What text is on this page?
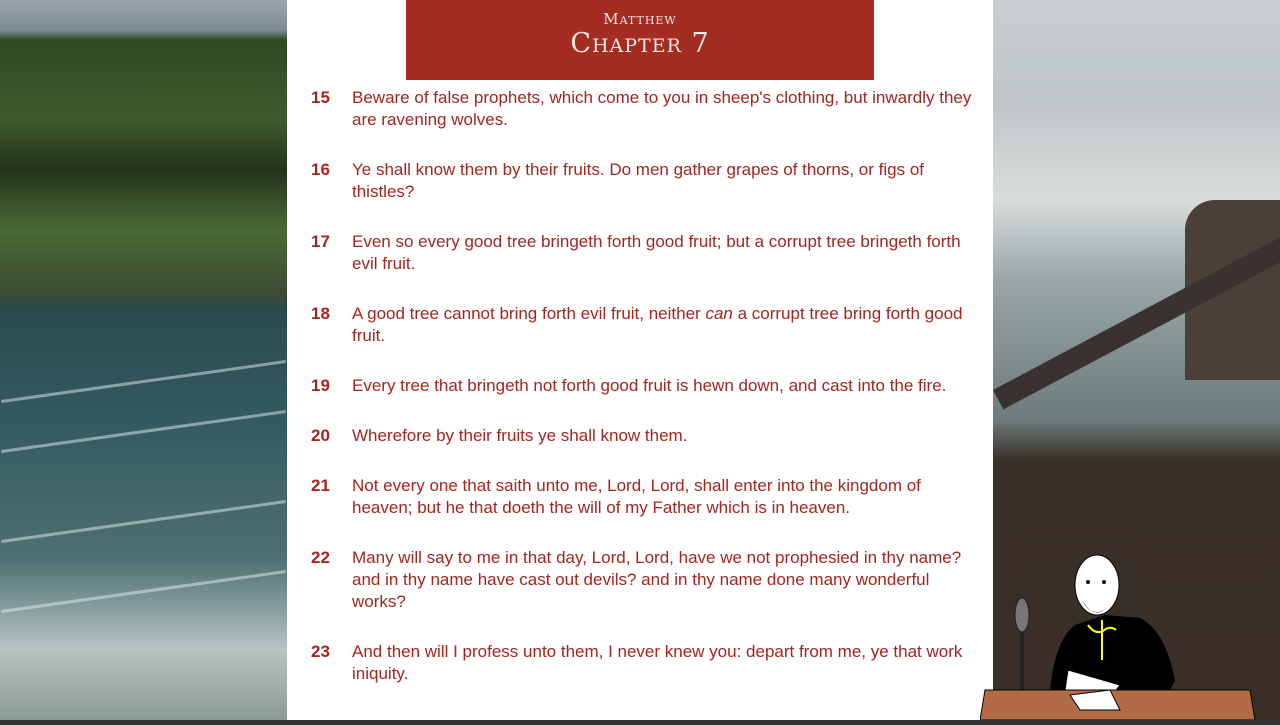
Matthew
Chapter 7
15 Beware of false prophets, which come to you in sheep's clothing, but inwardly they are ravening wolves.
16 Ye shall know them by their fruits. Do men gather grapes of thorns, or figs of thistles?
17 Even so every good tree bringeth forth good fruit; but a corrupt tree bringeth forth evil fruit.
18 A good tree cannot bring forth evil fruit, neither can a corrupt tree bring forth good fruit.
19 Every tree that bringeth not forth good fruit is hewn down, and cast into the fire.
20 Wherefore by their fruits ye shall know them.
21 Not every one that saith unto me, Lord, Lord, shall enter into the kingdom of heaven; but he that doeth the will of my Father which is in heaven.
22 Many will say to me in that day, Lord, Lord, have we not prophesied in thy name? and in thy name have cast out devils? and in thy name done many wonderful works?
23 And then will I profess unto them, I never knew you: depart from me, ye that work iniquity.
